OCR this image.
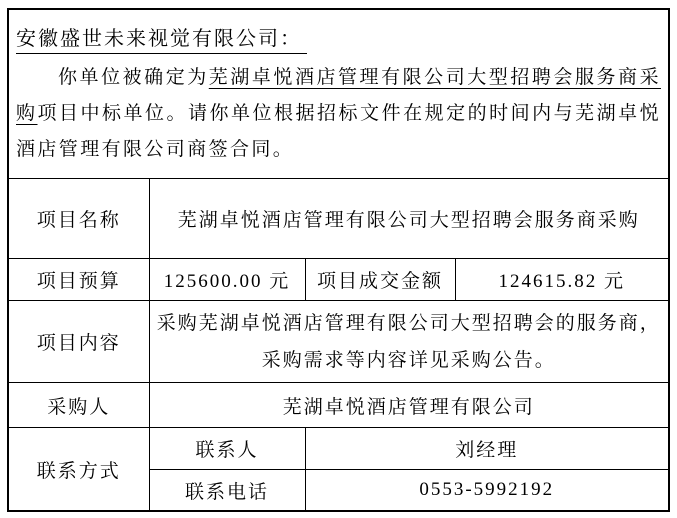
安徽盛世未来视觉有限公司：

你单位被确定为芜湖卓悦酒店管理有限公司大型招聘会服务商采购项目中标单位。请你单位根据招标文件在规定的时间内与芜湖卓悦酒店管理有限公司商签合同。

项目名称	芜湖卓悦酒店管理有限公司大型招聘会服务商采购		
项目预算	125600.00 元	项目成交金额	124615.82 元
项目内容	采购芜湖卓悦酒店管理有限公司大型招聘会的服务商，
采购需求等内容详见采购公告。		

采购人	芜湖卓悦酒店管理有限公司		
联系方式	联系人	刘经理	
	联系电话	0553-5992192	
